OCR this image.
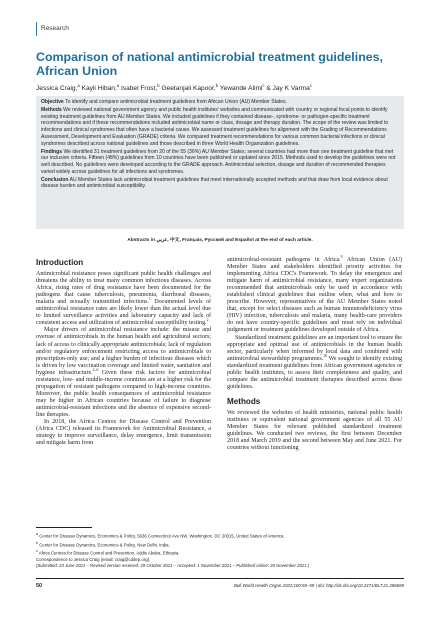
Research
Comparison of national antimicrobial treatment guidelines, African Union
Jessica Craig,$^a$ Kayli Hiban,$^a$ Isabel Frost,$^b$ Geetanjali Kapoor,$^b$ Yewande Alimi$^c$ & Jay K Varma$^c$

Objective To identify and compare antimicrobial treatment guidelines from African Union (AU) Member States.

Methods We reviewed national government agency and public health institutes' websites and communicated with country or regional focal points to identify existing treatment guidelines from AU Member States. We included guidelines if they contained disease-, syndrome- or pathogen-specific treatment recommendations and if these recommendations included antimicrobial name or class, dosage and therapy duration. The scope of the review was limited to infections and clinical syndromes that often have a bacterial cause. We assessed treatment guidelines for alignment with the Grading of Recommendations Assessment, Development and Evaluation (GRADE) criteria. We compared treatment recommendations for various common bacterial infections or clinical syndromes described across national guidelines and those described in three World Health Organization guidelines.

Findings We identified 31 treatment guidelines from 20 of the 55 (36%) AU Member States; several countries had more than one treatment guideline that met our inclusion criteria. Fifteen (48%) guidelines from 10 countries have been published or updated since 2015. Methods used to develop the guidelines were not well described. No guidelines were developed according to the GRADE approach. Antimicrobial selection, dosage and duration of recommended therapies varied widely across guidelines for all infections and syndromes.

Conclusion AU Member States lack antimicrobial treatment guidelines that meet internationally accepted methods and that draw from local evidence about disease burden and antimicrobial susceptibility.

Abstracts in عربي, 中文, Français, Русский and Español at the end of each article.
Introduction

Antimicrobial resistance poses significant public health challenges and threatens the ability to treat many common infectious diseases. Across Africa, rising rates of drug resistance have been documented for the pathogens that cause tuberculosis, pneumonia, diarrhoeal diseases, malaria and sexually transmitted infections.$^1$ Documented levels of antimicrobial resistance rates are likely lower than the actual level due to limited surveillance activities and laboratory capacity and lack of consistent access and utilization of antimicrobial susceptibility testing.$^2$

Major drivers of antimicrobial resistance include: the misuse and overuse of antimicrobials in the human health and agricultural sectors; lack of access to clinically appropriate antimicrobials; lack of regulation and/or regulatory enforcement restricting access to antimicrobials to prescription-only use; and a higher burden of infectious diseases which is driven by low vaccination coverage and limited water, sanitation and hygiene infrastructure.$^{4-6}$ Given these risk factors for antimicrobial resistance, low- and middle-income countries are at a higher risk for the propagation of resistant pathogens compared to high-income countries. Moreover, the public health consequences of antimicrobial resistance may be higher in African countries because of failure to diagnose antimicrobial-resistant infections and the absence of expensive second-line therapies.

In 2018, the Africa Centres for Disease Control and Prevention (Africa CDC) released its Framework for Antimicrobial Resistance, a strategy to improve surveillance, delay emergence, limit transmission and mitigate harm from

antimicrobial-resistant pathogens in Africa.$^9$ African Union (AU) Member States and stakeholders identified priority activities for implementing Africa CDC's Framework. To delay the emergence and mitigate harm of antimicrobial resistance, many expert organizations recommended that antimicrobials only be used in accordance with established clinical guidelines that outline when, what and how to prescribe. However, representatives of the AU Member States noted that, except for select diseases such as human immunodeficiency virus (HIV) infection, tuberculosis and malaria, many health-care providers do not have country-specific guidelines and must rely on individual judgement or treatment guidelines developed outside of Africa.

Standardized treatment guidelines are an important tool to ensure the appropriate and optimal use of antimicrobials in the human health sector, particularly when informed by local data and combined with antimicrobial stewardship programmes.$^{10}$ We sought to identify existing standardized treatment guidelines from African government agencies or public health institutes, to assess their completeness and quality, and compare the antimicrobial treatment therapies described across these guidelines.

Methods

We reviewed the websites of health ministries, national public health institutes or equivalent national government agencies of all 55 AU Member States for relevant published standardized treatment guidelines. We conducted two reviews, the first between December 2018 and March 2019 and the second between May and June 2021. For countries without functioning

$^a$ Center for Disease Dynamics, Economics & Policy, 5636 Connecticut Ave NW, Washington, DC 20015, United States of America.
$^b$ Center for Disease Dynamics, Economics & Policy, New Delhi, India.
$^c$ Africa Centres for Disease Control and Prevention, Addis Ababa, Ethiopia.
Correspondence to Jessica Craig (email: craig@cddep.org).
(Submitted: 23 June 2021 – Revised version received: 29 October 2021 – Accepted: 1 November 2021 – Published online: 26 November 2021 )
50	Bull World Health Organ 2022;100:50–59 | doi: http://dx.doi.org/10.2471/BLT.21.286689
